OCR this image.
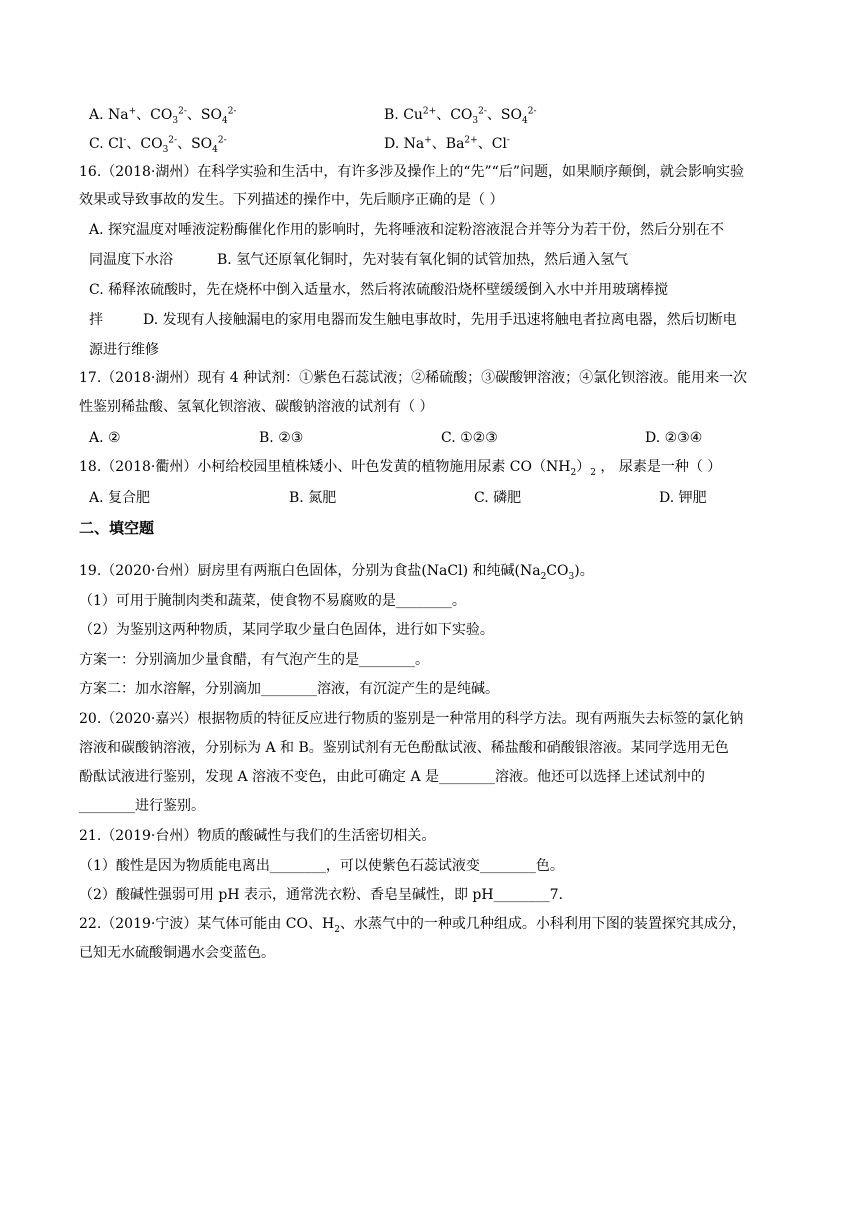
A. Na+、$CO_3^{2-}$、$SO_4^{2-}$	B. $Cu^{2+}$、$CO_3^{2-}$、$SO_4^{2-}$
C. Cl-、$CO_3^{2-}$、$SO_4^{2-}$	D. Na+、$Ba^{2+}$、Cl-
16.（2018·湖州）在科学实验和生活中，有许多涉及操作上的“先”“后”问题，如果顺序颠倒，就会影响实验
效果或导致事故的发生。下列描述的操作中，先后顺序正确的是（ ）
A. 探究温度对唾液淀粉酶催化作用的影响时，先将唾液和淀粉溶液混合并等分为若干份，然后分别在不
同温度下水浴	B. 氢气还原氧化铜时，先对装有氧化铜的试管加热，然后通入氢气
C. 稀释浓硫酸时，先在烧杯中倒入适量水，然后将浓硫酸沿烧杯壁缓缓倒入水中并用玻璃棒搅
拌	D. 发现有人接触漏电的家用电器而发生触电事故时，先用手迅速将触电者拉离电器，然后切断电
源进行维修
17.（2018·湖州）现有 4 种试剂：①紫色石蕊试液；②稀硫酸；③碳酸钾溶液；④氯化钡溶液。能用来一次
性鉴别稀盐酸、氢氧化钡溶液、碳酸钠溶液的试剂有（ ）
A. ②	B. ②③	C. ①②③	D. ②③④
18.（2018·衢州）小柯给校园里植株矮小、叶色发黄的植物施用尿素 $CO(NH_2)_2$ ， 尿素是一种（ ）
A. 复合肥	B. 氮肥	C. 磷肥	D. 钾肥
二、填空题
19.（2020·台州）厨房里有两瓶白色固体，分别为食盐(NaCl) 和纯碱$(Na_2CO_3)$。
（1）可用于腌制肉类和蔬菜，使食物不易腐败的是________。
（2）为鉴别这两种物质，某同学取少量白色固体，进行如下实验。
方案一：分别滴加少量食醋，有气泡产生的是________。
方案二：加水溶解，分别滴加________溶液，有沉淀产生的是纯碱。
20.（2020·嘉兴）根据物质的特征反应进行物质的鉴别是一种常用的科学方法。现有两瓶失去标签的氯化钠
溶液和碳酸钠溶液，分别标为 A 和 B。鉴别试剂有无色酚酞试液、稀盐酸和硝酸银溶液。某同学选用无色
酚酞试液进行鉴别，发现 A 溶液不变色，由此可确定 A 是________溶液。他还可以选择上述试剂中的
________进行鉴别。
21.（2019·台州）物质的酸碱性与我们的生活密切相关。
（1）酸性是因为物质能电离出________，可以使紫色石蕊试液变________色。
（2）酸碱性强弱可用 pH 表示，通常洗衣粉、香皂呈碱性，即 pH________7.
22.（2019·宁波）某气体可能由 CO、$H_2$、水蒸气中的一种或几种组成。小科利用下图的装置探究其成分，
已知无水硫酸铜遇水会变蓝色。
